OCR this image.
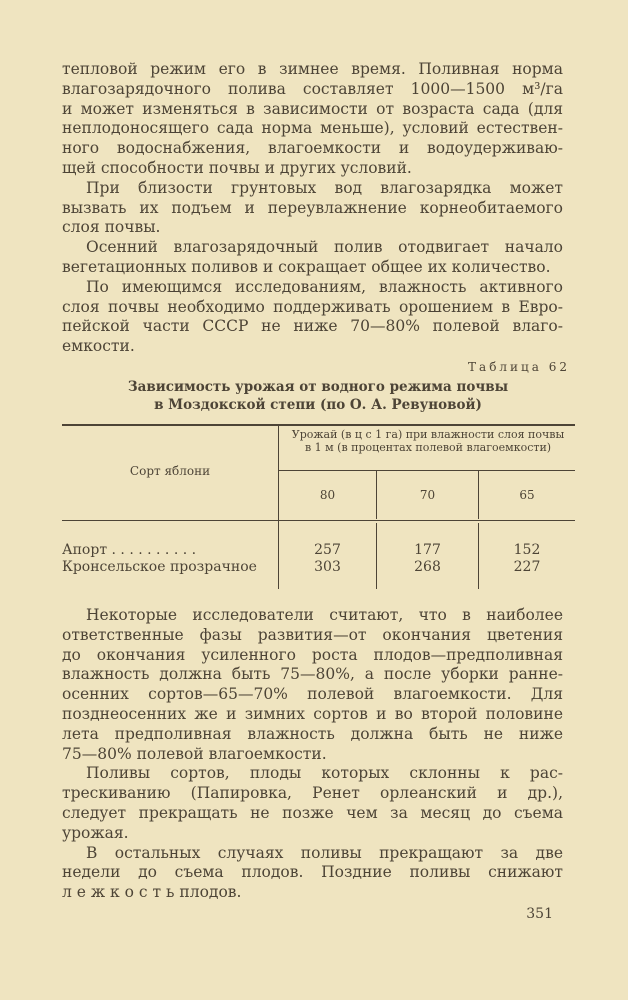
тепловой режим его в зимнее время. Поливная норма
влагозарядочного полива составляет 1000—1500 м³/га
и может изменяться в зависимости от возраста сада (для
неплодоносящего сада норма меньше), условий естествен-
ного водоснабжения, влагоемкости и водоудерживаю-
щей способности почвы и других условий.
При близости грунтовых вод влагозарядка может
вызвать их подъем и переувлажнение корнеобитаемого
слоя почвы.
Осенний влагозарядочный полив отодвигает начало
вегетационных поливов и сокращает общее их количество.
По имеющимся исследованиям, влажность активного
слоя почвы необходимо поддерживать орошением в Евро-
пейской части СССР не ниже 70—80% полевой влаго-
емкости.
Таблица 62
Зависимость урожая от водного режима почвы
в Моздокской степи (по О. А. Ревуновой)
Сорт яблони
Урожай (в ц с 1 га) при влажности слоя почвы в 1 м (в процентах полевой влагоемкости)
80	70	65
Апорт . . . . . . . . . .	257	177	152
Кронсельское прозрачное	303	268	227
Некоторые исследователи считают, что в наиболее
ответственные фазы развития—от окончания цветения
до окончания усиленного роста плодов—предполивная
влажность должна быть 75—80%, а после уборки ранне-
осенних сортов—65—70% полевой влагоемкости. Для
позднеосенних же и зимних сортов и во второй половине
лета предполивная влажность должна быть не ниже
75—80% полевой влагоемкости.
Поливы сортов, плоды которых склонны к рас-
трескиванию (Папировка, Ренет орлеанский и др.),
следует прекращать не позже чем за месяц до съема
урожая.
В остальных случаях поливы прекращают за две
недели до съема плодов. Поздние поливы снижают
л е ж к о с т ь плодов.
351
